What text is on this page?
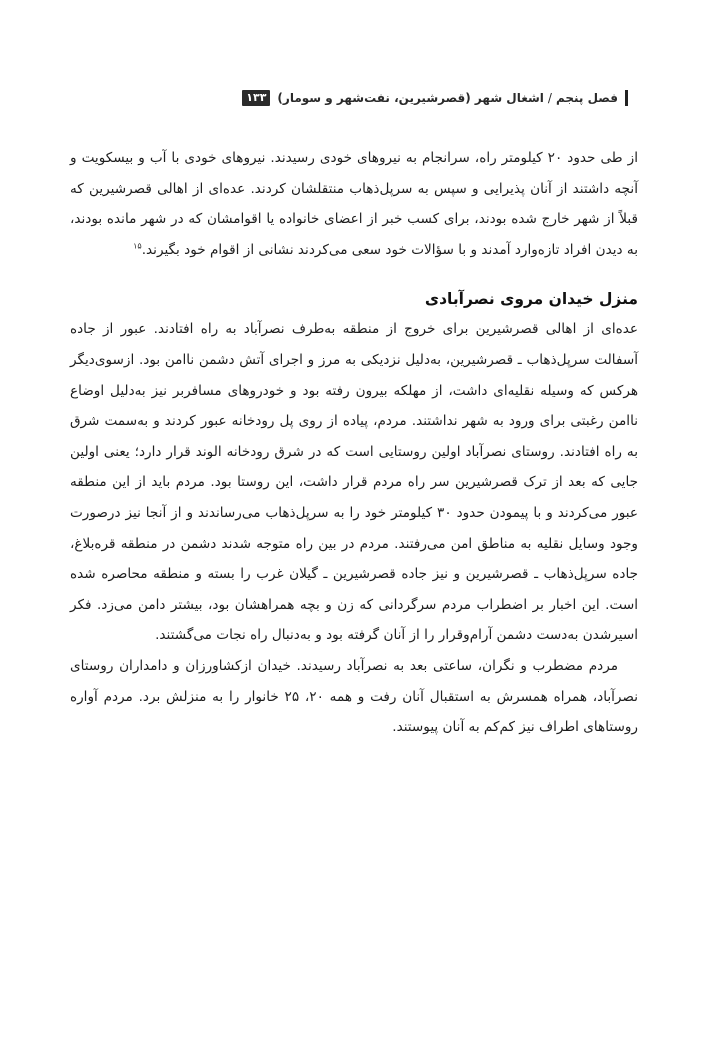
فصل پنجم
/
اشغال شهر (قصرشیرین، نفت‌شهر و سومار)
۱۳۳

از طی حدود ۲۰ کیلومتر راه، سرانجام به نیروهای خودی رسیدند. نیروهای خودی با آب و بیسکویت و آنچه داشتند از آنان پذیرایی و سپس به سرپل‌ذهاب منتقلشان کردند. عده‌ای از اهالی قصرشیرین که قبلاً از شهر خارج شده بودند، برای کسب خبر از اعضای خانواده یا اقوامشان که در شهر مانده بودند، به دیدن افراد تازه‌وارد آمدند و با سؤالات خود سعی می‌کردند نشانی از اقوام خود بگیرند.$^{۱۵}$

منزل خیدان مروی نصرآبادی

عده‌ای از اهالی قصرشیرین برای خروج از منطقه به‌طرف نصرآباد به راه افتادند. عبور از جاده آسفالت سرپل‌ذهاب ـ قصرشیرین، به‌دلیل نزدیکی به مرز و اجرای آتش دشمن ناامن بود. ازسوی‌دیگر هرکس که وسیله نقلیه‌ای داشت، از مهلکه بیرون رفته بود و خودروهای مسافربر نیز به‌دلیل اوضاع ناامن رغبتی برای ورود به شهر نداشتند. مردم، پیاده از روی پل رودخانه عبور کردند و به‌سمت شرق به راه افتادند. روستای نصرآباد اولین روستایی است که در شرق رودخانه الوند قرار دارد؛ یعنی اولین جایی که بعد از ترک قصرشیرین سر راه مردم قرار داشت، این روستا بود. مردم باید از این منطقه عبور می‌کردند و با پیمودن حدود ۳۰ کیلومتر خود را به سرپل‌ذهاب می‌رساندند و از آنجا نیز درصورت وجود وسایل نقلیه به مناطق امن می‌رفتند. مردم در بین راه متوجه شدند دشمن در منطقه قره‌بلاغ، جاده سرپل‌ذهاب ـ قصرشیرین و نیز جاده قصرشیرین ـ گیلان غرب را بسته و منطقه محاصره شده است. این اخبار بر اضطراب مردم سرگردانی که زن و بچه همراهشان بود، بیشتر دامن می‌زد. فکر اسیرشدن به‌دست دشمن آرام‌وقرار را از آنان گرفته بود و به‌دنبال راه نجات می‌گشتند.

مردم مضطرب و نگران، ساعتی بعد به نصرآباد رسیدند. خیدان ازکشاورزان و دامداران روستای نصرآباد، همراه همسرش به استقبال آنان رفت و همه ۲۰، ۲۵ خانوار را به منزلش برد. مردم آواره روستاهای اطراف نیز کم‌کم به آنان پیوستند.
